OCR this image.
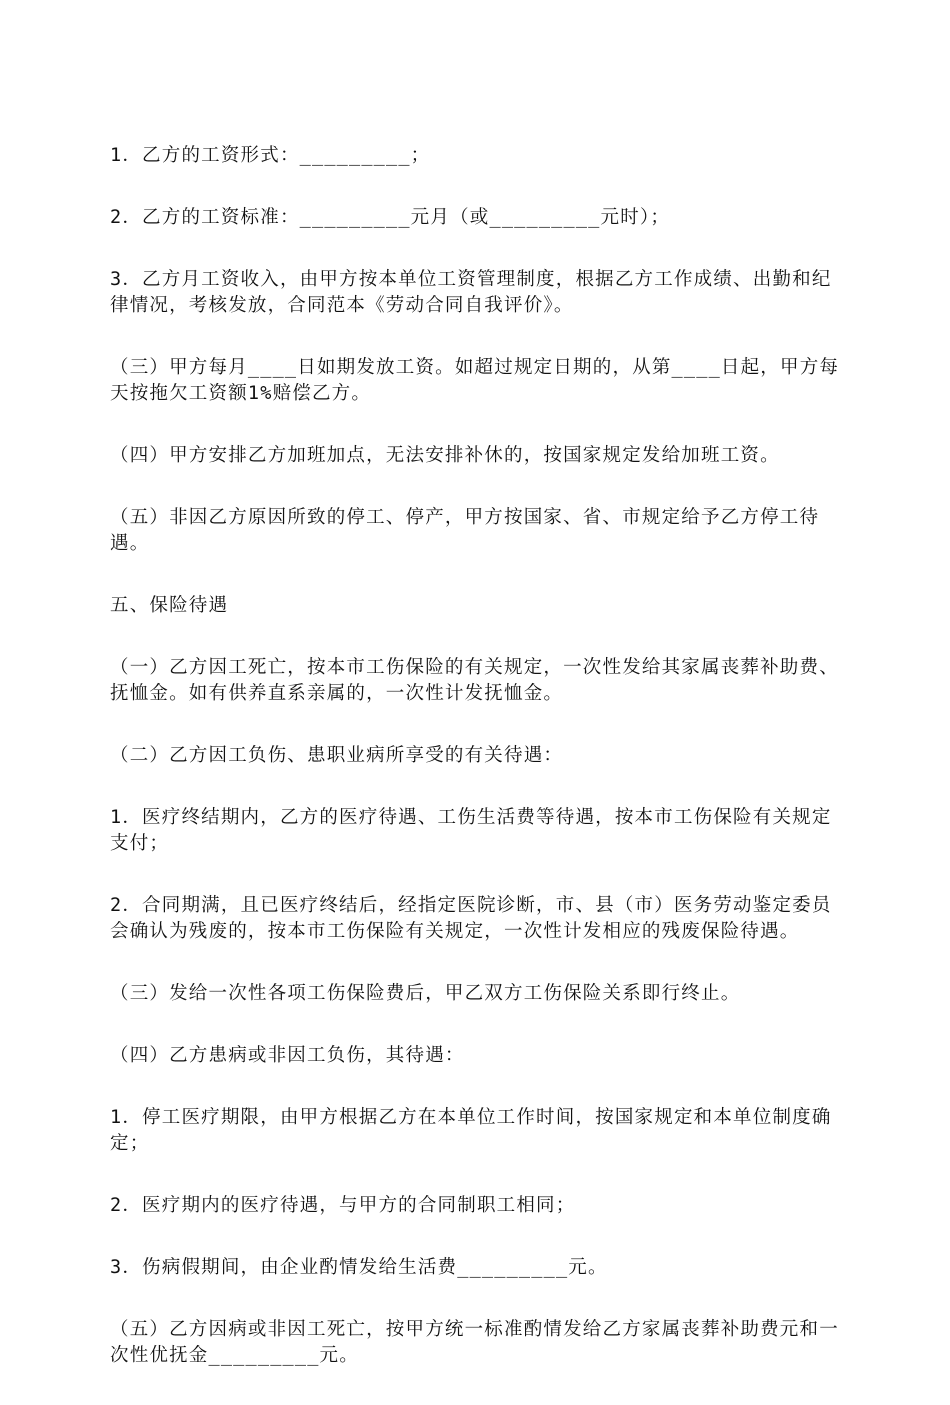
1．乙方的工资形式：_________；

2．乙方的工资标准：_________元月（或_________元时）；

3．乙方月工资收入，由甲方按本单位工资管理制度，根据乙方工作成绩、出勤和纪律情况，考核发放，合同范本《劳动合同自我评价》。

（三）甲方每月____日如期发放工资。如超过规定日期的，从第____日起，甲方每天按拖欠工资额1%赔偿乙方。

（四）甲方安排乙方加班加点，无法安排补休的，按国家规定发给加班工资。

（五）非因乙方原因所致的停工、停产，甲方按国家、省、市规定给予乙方停工待遇。

五、保险待遇

（一）乙方因工死亡，按本市工伤保险的有关规定，一次性发给其家属丧葬补助费、抚恤金。如有供养直系亲属的，一次性计发抚恤金。

（二）乙方因工负伤、患职业病所享受的有关待遇：

1．医疗终结期内，乙方的医疗待遇、工伤生活费等待遇，按本市工伤保险有关规定支付；

2．合同期满，且已医疗终结后，经指定医院诊断，市、县（市）医务劳动鉴定委员会确认为残废的，按本市工伤保险有关规定，一次性计发相应的残废保险待遇。

（三）发给一次性各项工伤保险费后，甲乙双方工伤保险关系即行终止。

（四）乙方患病或非因工负伤，其待遇：

1．停工医疗期限，由甲方根据乙方在本单位工作时间，按国家规定和本单位制度确定；

2．医疗期内的医疗待遇，与甲方的合同制职工相同；

3．伤病假期间，由企业酌情发给生活费_________元。

（五）乙方因病或非因工死亡，按甲方统一标准酌情发给乙方家属丧葬补助费元和一次性优抚金_________元。
